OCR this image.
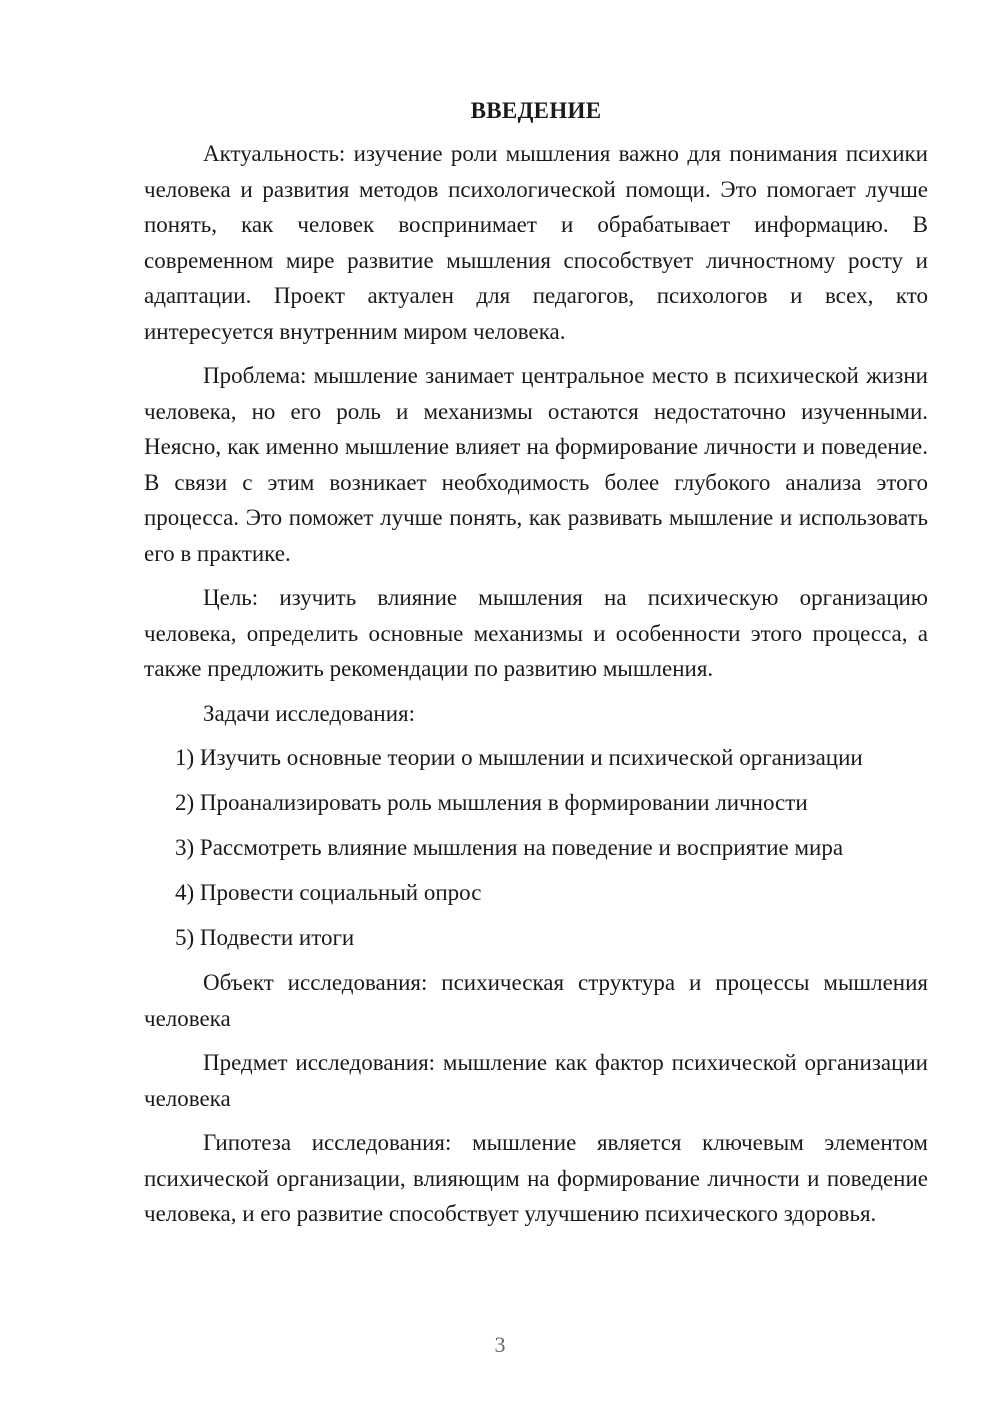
ВВЕДЕНИЕ

Актуальность: изучение роли мышления важно для понимания психики человека и развития методов психологической помощи. Это помогает лучше понять, как человек воспринимает и обрабатывает информацию. В современном мире развитие мышления способствует личностному росту и адаптации. Проект актуален для педагогов, психологов и всех, кто интересуется внутренним миром человека.

Проблема: мышление занимает центральное место в психической жизни человека, но его роль и механизмы остаются недостаточно изученными. Неясно, как именно мышление влияет на формирование личности и поведение. В связи с этим возникает необходимость более глубокого анализа этого процесса. Это поможет лучше понять, как развивать мышление и использовать его в практике.

Цель: изучить влияние мышления на психическую организацию человека, определить основные механизмы и особенности этого процесса, а также предложить рекомендации по развитию мышления.

Задачи исследования:
1) Изучить основные теории о мышлении и психической организации
2) Проанализировать роль мышления в формировании личности
3) Рассмотреть влияние мышления на поведение и восприятие мира
4) Провести социальный опрос
5) Подвести итоги

Объект исследования: психическая структура и процессы мышления человека

Предмет исследования: мышление как фактор психической организации человека

Гипотеза исследования: мышление является ключевым элементом психической организации, влияющим на формирование личности и поведение человека, и его развитие способствует улучшению психического здоровья.

3
